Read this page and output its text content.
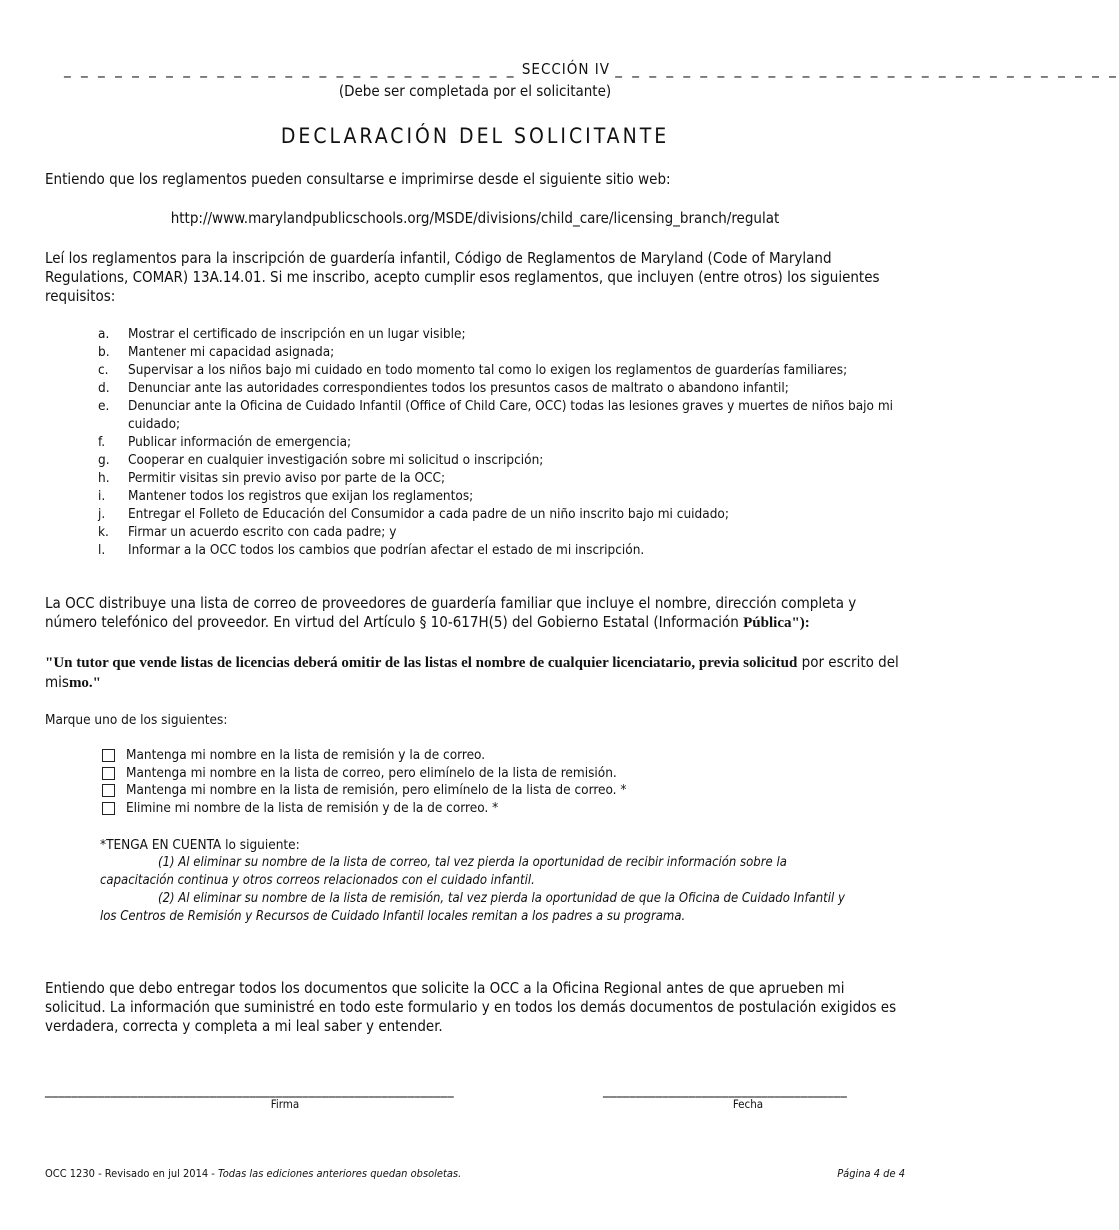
_ _ _ _ _ _ _ _ _ _ _ _ _ _ _ _ _ _ _ _ _ _ _ _ _ _ _ SECCIÓN IV _ _ _ _ _ _ _ _ _ _ _ _ _ _ _ _ _ _ _ _ _ _ _ _ _ _ _ _ _ _
(Debe ser completada por el solicitante)
DECLARACIÓN DEL SOLICITANTE
Entiendo que los reglamentos pueden consultarse e imprimirse desde el siguiente sitio web:
http://www.marylandpublicschools.org/MSDE/divisions/child_care/licensing_branch/regulat
Leí los reglamentos para la inscripción de guardería infantil, Código de Reglamentos de Maryland (Code of Maryland Regulations, COMAR) 13A.14.01. Si me inscribo, acepto cumplir esos reglamentos, que incluyen (entre otros) los siguientes requisitos:
a. Mostrar el certificado de inscripción en un lugar visible;
b. Mantener mi capacidad asignada;
c. Supervisar a los niños bajo mi cuidado en todo momento tal como lo exigen los reglamentos de guarderías familiares;
d. Denunciar ante las autoridades correspondientes todos los presuntos casos de maltrato o abandono infantil;
e. Denunciar ante la Oficina de Cuidado Infantil (Office of Child Care, OCC) todas las lesiones graves y muertes de niños bajo mi cuidado;
f. Publicar información de emergencia;
g. Cooperar en cualquier investigación sobre mi solicitud o inscripción;
h. Permitir visitas sin previo aviso por parte de la OCC;
i. Mantener todos los registros que exijan los reglamentos;
j. Entregar el Folleto de Educación del Consumidor a cada padre de un niño inscrito bajo mi cuidado;
k. Firmar un acuerdo escrito con cada padre; y
l. Informar a la OCC todos los cambios que podrían afectar el estado de mi inscripción.
La OCC distribuye una lista de correo de proveedores de guardería familiar que incluye el nombre, dirección completa y número telefónico del proveedor. En virtud del Artículo § 10-617H(5) del Gobierno Estatal (Información Pública"):
"Un tutor que vende listas de licencias deberá omitir de las listas el nombre de cualquier licenciatario, previa solicitud por escrito del mismo."
Marque uno de los siguientes:
Mantenga mi nombre en la lista de remisión y la de correo.
Mantenga mi nombre en la lista de correo, pero elimínelo de la lista de remisión.
Mantenga mi nombre en la lista de remisión, pero elimínelo de la lista de correo. *
Elimine mi nombre de la lista de remisión y de la de correo. *
*TENGA EN CUENTA lo siguiente:
(1) Al eliminar su nombre de la lista de correo, tal vez pierda la oportunidad de recibir información sobre la
capacitación continua y otros correos relacionados con el cuidado infantil.
(2) Al eliminar su nombre de la lista de remisión, tal vez pierda la oportunidad de que la Oficina de Cuidado Infantil y
los Centros de Remisión y Recursos de Cuidado Infantil locales remitan a los padres a su programa.
Entiendo que debo entregar todos los documentos que solicite la OCC a la Oficina Regional antes de que aprueben mi solicitud. La información que suministré en todo este formulario y en todos los demás documentos de postulación exigidos es verdadera, correcta y completa a mi leal saber y entender.
______________________________________________________________
Firma
_____________________________________
Fecha
OCC 1230 - Revisado en jul 2014 - Todas las ediciones anteriores quedan obsoletas.	Página 4 de 4
